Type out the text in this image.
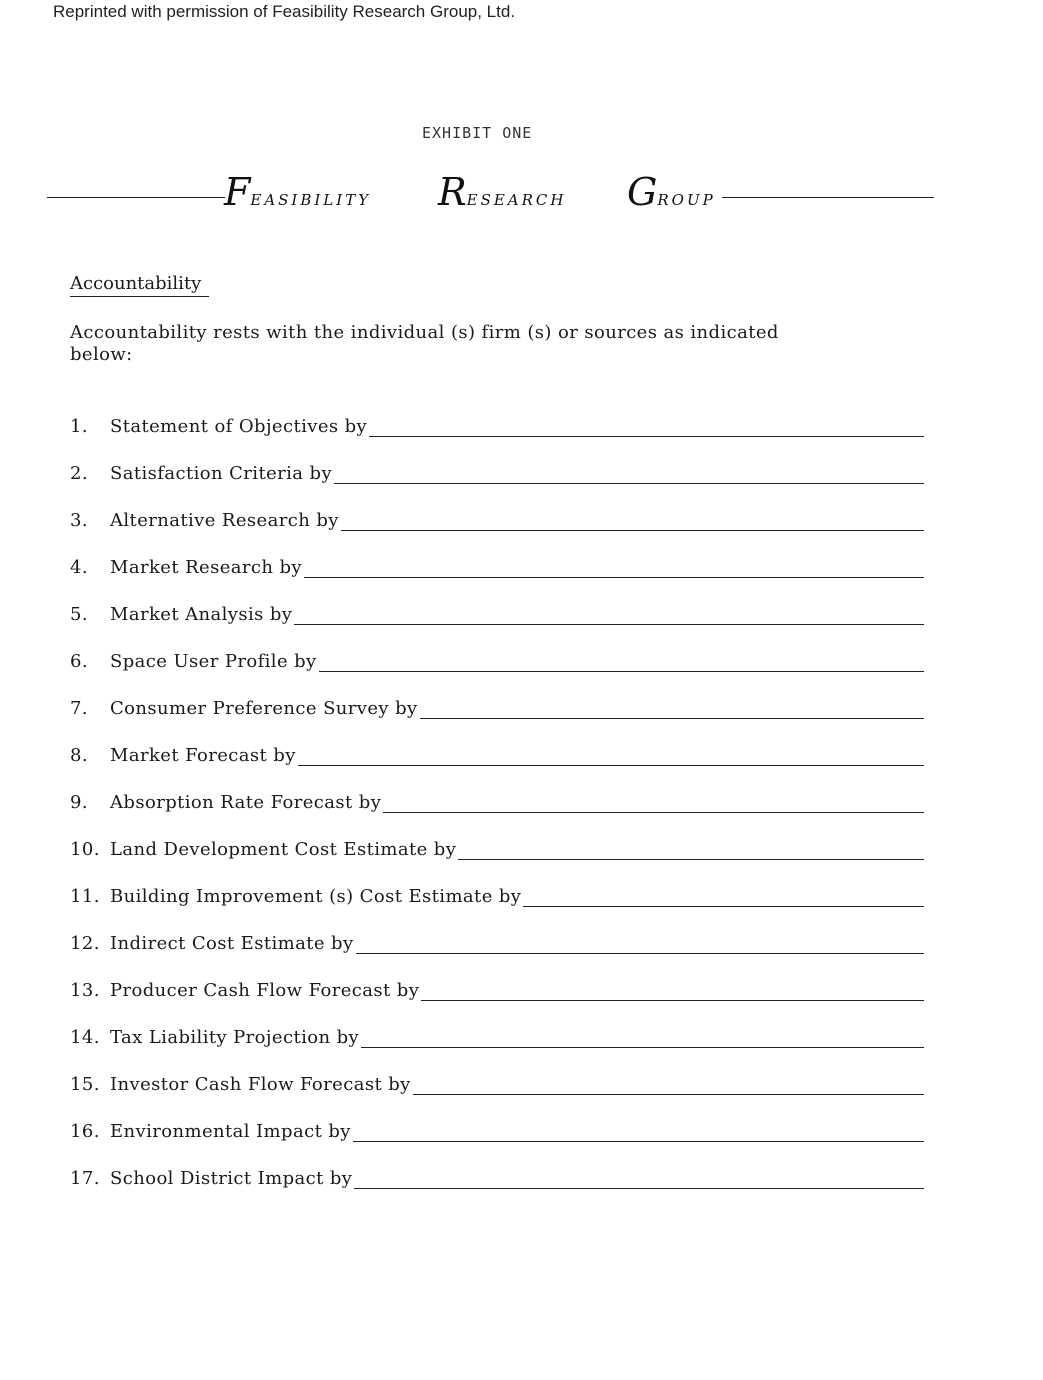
Reprinted with permission of Feasibility Research Group, Ltd.
EXHIBIT ONE
FEASIBILITY RESEARCH GROUP
Accountability
Accountability rests with the individual (s) firm (s) or sources as indicated below:
1.	Statement of Objectives by
2.	Satisfaction Criteria by
3.	Alternative Research by
4.	Market Research by
5.	Market Analysis by
6.	Space User Profile by
7.	Consumer Preference Survey by
8.	Market Forecast by
9.	Absorption Rate Forecast by
10. Land Development Cost Estimate by
11. Building Improvement (s) Cost Estimate by
12. Indirect Cost Estimate by
13. Producer Cash Flow Forecast by
14. Tax Liability Projection by
15. Investor Cash Flow Forecast by
16. Environmental Impact by
17. School District Impact by
